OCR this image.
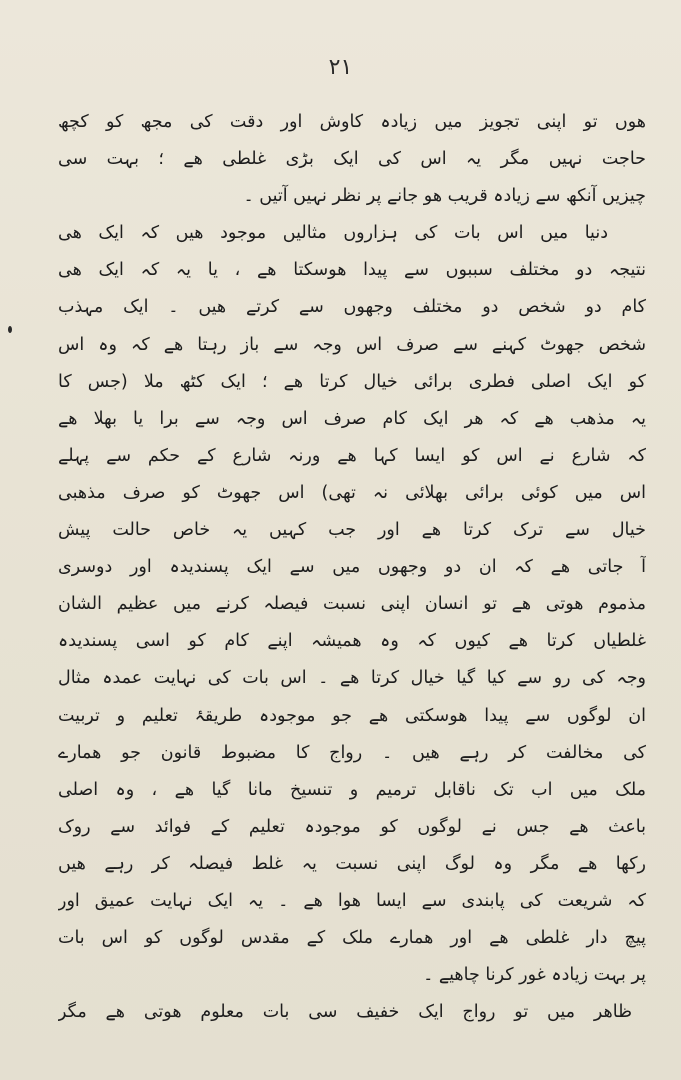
۲۱
ھوں تو اپنی تجویز میں زیادہ کاوش اور دقت کی مجھ کو کچھ
حاجت نہیں مگر یہ اس کی ایک بڑی غلطی ھے ؛ بہت سی
چیزیں آنکھ سے زیادہ قریب ھو جانے پر نظر نہیں آتیں ۔
دنیا میں اس بات کی ہزاروں مثالیں موجود ھیں کہ ایک ھی
نتیجہ دو مختلف سببوں سے پیدا ھوسکتا ھے ، یا یہ کہ ایک ھی
کام دو شخص دو مختلف وجھوں سے کرتے ھیں ۔ ایک مہذب
شخص جھوٹ کہنے سے صرف اس وجہ سے باز رہتا ھے کہ وہ اس
کو ایک اصلی فطری برائی خیال کرتا ھے ؛ ایک کٹھ ملا (جس کا
یہ مذھب ھے کہ ھر ایک کام صرف اس وجہ سے برا یا بھلا ھے
کہ شارع نے اس کو ایسا کہا ھے ورنہ شارع کے حکم سے پہلے
اس میں کوئی برائی بھلائی نہ تھی) اس جھوٹ کو صرف مذھبی
خیال سے ترک کرتا ھے اور جب کہیں یہ خاص حالت پیش
آ جاتی ھے کہ ان دو وجھوں میں سے ایک پسندیدہ اور دوسری
مذموم ھوتی ھے تو انسان اپنی نسبت فیصلہ کرنے میں عظیم الشان
غلطیاں کرتا ھے کیوں کہ وہ ھمیشہ اپنے کام کو اسی پسندیدہ
وجہ کی رو سے کیا گیا خیال کرتا ھے ۔ اس بات کی نہایت عمدہ مثال
ان لوگوں سے پیدا ھوسکتی ھے جو موجودہ طریقۂ تعلیم و تربیت
کی مخالفت کر رہے ھیں ۔ رواج کا مضبوط قانون جو ھمارے
ملک میں اب تک ناقابل ترمیم و تنسیخ مانا گیا ھے ، وہ اصلی
باعث ھے جس نے لوگوں کو موجودہ تعلیم کے فوائد سے روک
رکھا ھے مگر وہ لوگ اپنی نسبت یہ غلط فیصلہ کر رہے ھیں
کہ شریعت کی پابندی سے ایسا ھوا ھے ۔ یہ ایک نہایت عمیق اور
پیچ دار غلطی ھے اور ھمارے ملک کے مقدس لوگوں کو اس بات
پر بہت زیادہ غور کرنا چاھیے ۔
ظاھر میں تو رواج ایک خفیف سی بات معلوم ھوتی ھے مگر
